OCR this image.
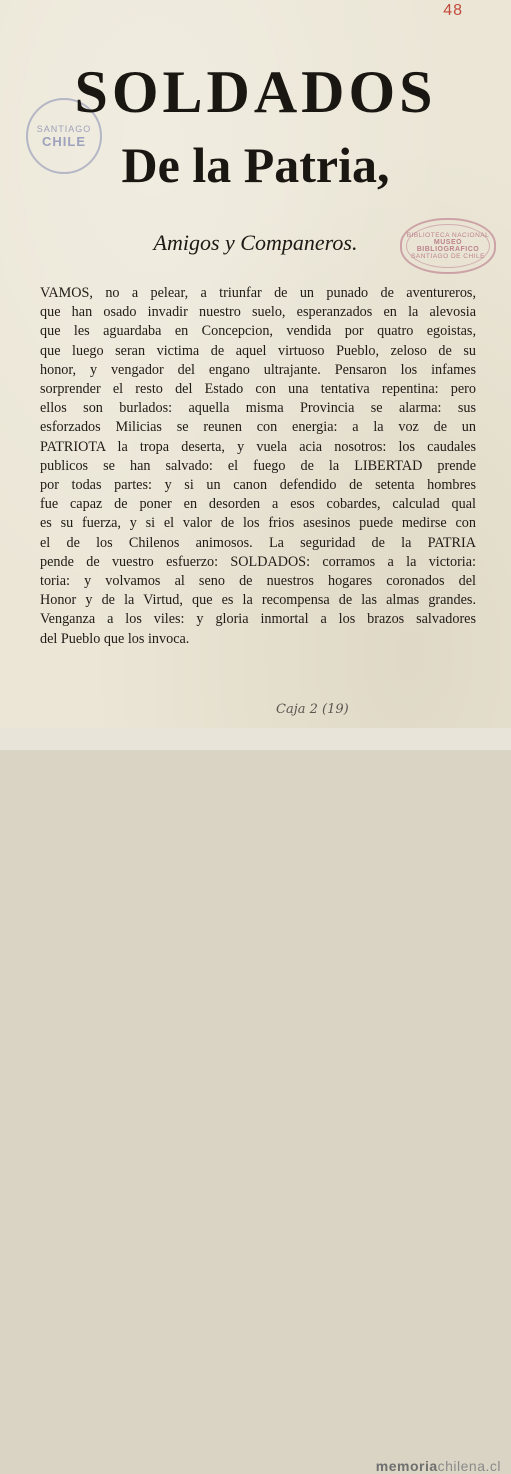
48

SANTIAGO
CHILE
SOLDADOS
De la Patria,
BIBLIOTECA NACIONAL
MUSEO BIBLIOGRAFICO
SANTIAGO DE CHILE

Amigos y Companeros.

VAMOS, no a pelear, a triunfar de un punado de aventureros,
que han osado invadir nuestro suelo, esperanzados en la alevosia
que les aguardaba en Concepcion, vendida por quatro egoistas,
que luego seran victima de aquel virtuoso Pueblo, zeloso de su
honor, y vengador del engano ultrajante. Pensaron los infames
sorprender el resto del Estado con una tentativa repentina: pero
ellos son burlados: aquella misma Provincia se alarma: sus
esforzados Milicias se reunen con energia: a la voz de un
PATRIOTA la tropa deserta, y vuela acia nosotros: los caudales
publicos se han salvado: el fuego de la LIBERTAD prende
por todas partes: y si un canon defendido de setenta hombres
fue capaz de poner en desorden a esos cobardes, calculad qual
es su fuerza, y si el valor de los frios asesinos puede medirse con
el de los Chilenos animosos. La seguridad de la PATRIA
pende de vuestro esfuerzo: SOLDADOS: corramos a la victoria:
toria: y volvamos al seno de nuestros hogares coronados del
Honor y de la Virtud, que es la recompensa de las almas grandes.
Venganza a los viles: y gloria inmortal a los brazos salvadores
del Pueblo que los invoca.

Caja 2 (19)

memoriachilena.cl
